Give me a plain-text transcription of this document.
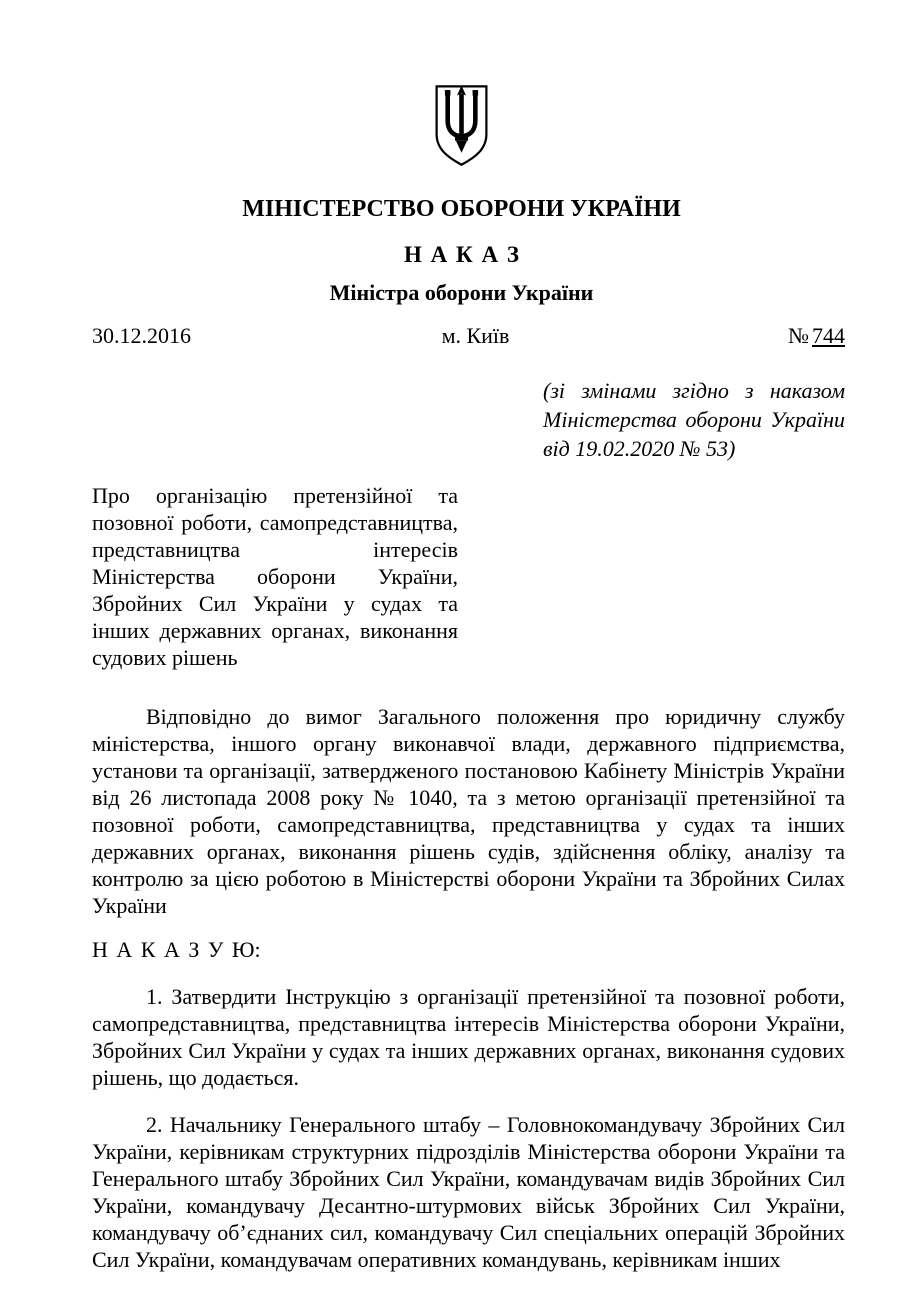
МІНІСТЕРСТВО ОБОРОНИ УКРАЇНИ
Н А К А З
Міністра оборони України
30.12.2016	м. Київ	№ 744
(зі змінами згідно з наказом Міністерства оборони України від 19.02.2020 № 53)
Про організацію претензійної та позовної роботи, самопредставництва, представництва інтересів Міністерства оборони України, Збройних Сил України у судах та інших державних органах, виконання судових рішень

Відповідно до вимог Загального положення про юридичну службу міністерства, іншого органу виконавчої влади, державного підприємства, установи та організації, затвердженого постановою Кабінету Міністрів України від 26 листопада 2008 року № 1040, та з метою організації претензійної та позовної роботи, самопредставництва, представництва у судах та інших державних органах, виконання рішень судів, здійснення обліку, аналізу та контролю за цією роботою в Міністерстві оборони України та Збройних Силах України

Н А К А З У Ю:

1. Затвердити Інструкцію з організації претензійної та позовної роботи, самопредставництва, представництва інтересів Міністерства оборони України, Збройних Сил України у судах та інших державних органах, виконання судових рішень, що додається.

2. Начальнику Генерального штабу – Головнокомандувачу Збройних Сил України, керівникам структурних підрозділів Міністерства оборони України та Генерального штабу Збройних Сил України, командувачам видів Збройних Сил України, командувачу Десантно-штурмових військ Збройних Сил України, командувачу об’єднаних сил, командувачу Сил спеціальних операцій Збройних Сил України, командувачам оперативних командувань, керівникам інших
